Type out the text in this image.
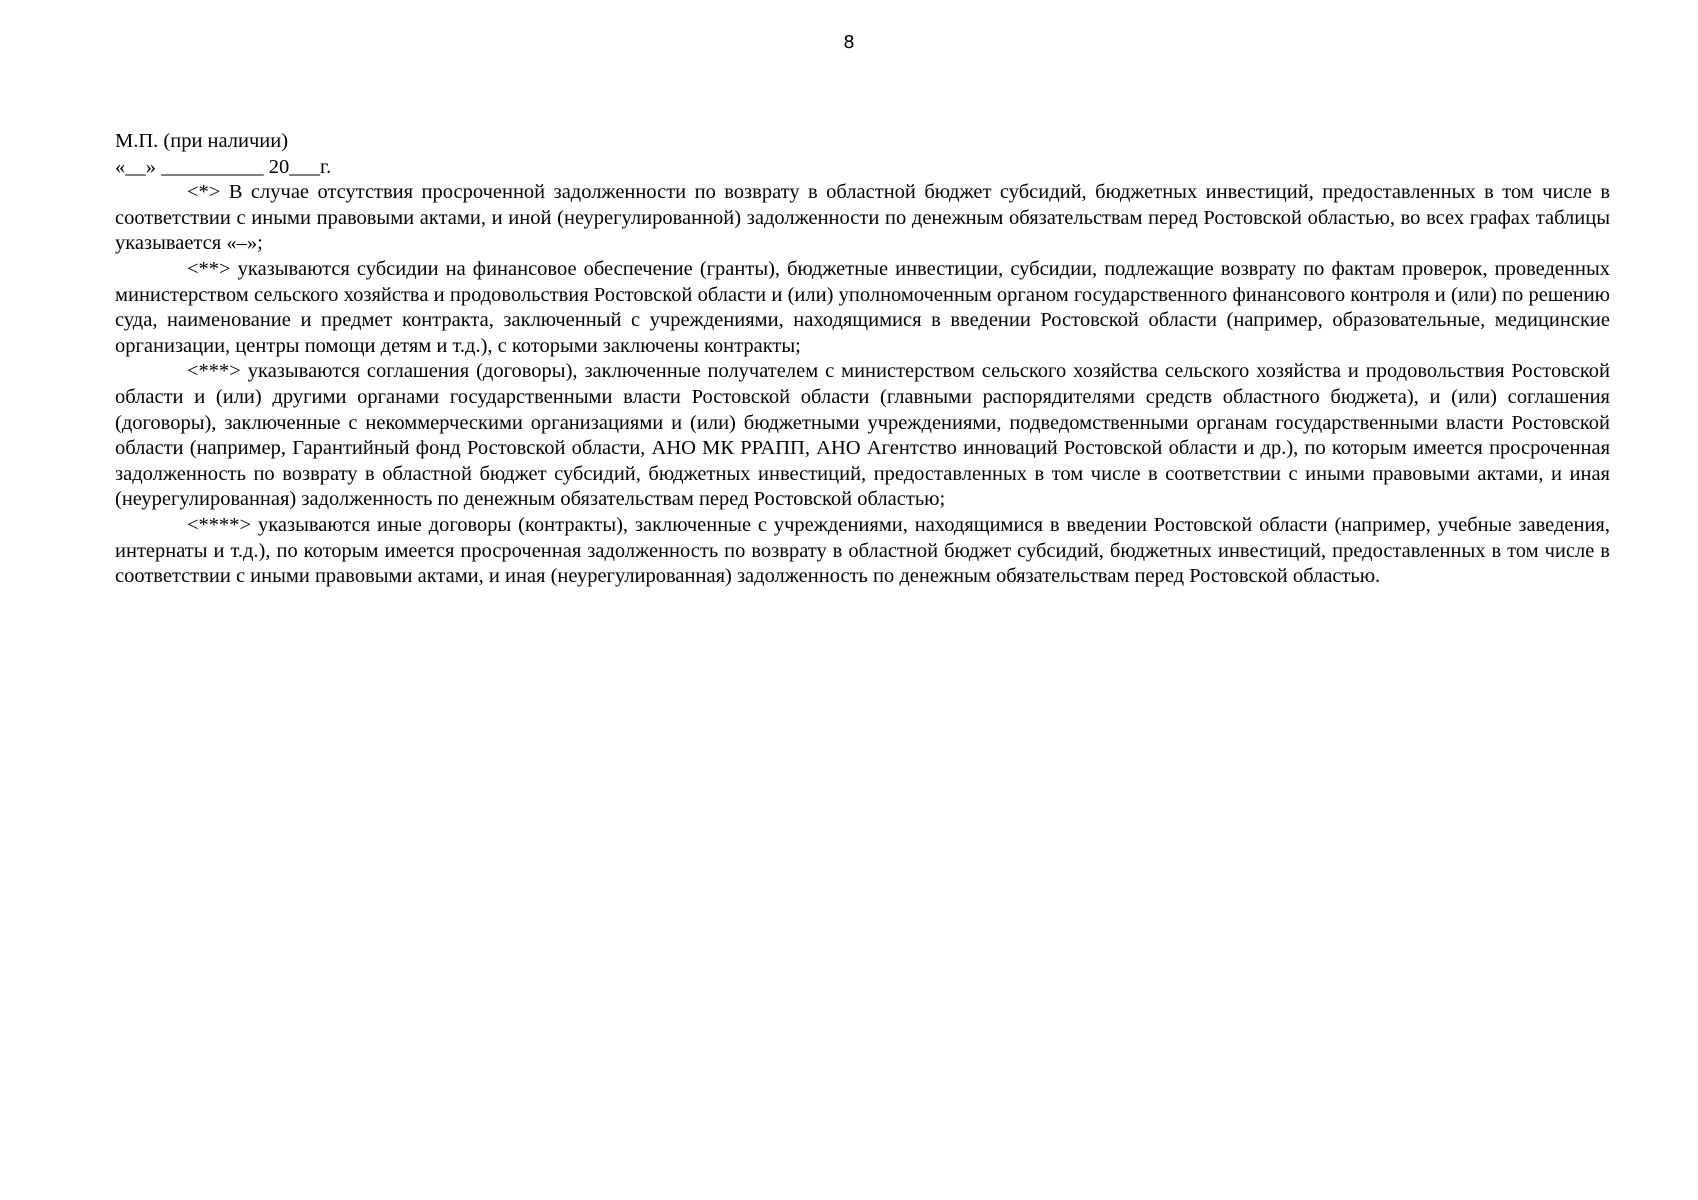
8

М.П. (при наличии)

«__» __________ 20___г.

<*> В случае отсутствия просроченной задолженности по возврату в областной бюджет субсидий, бюджетных инвестиций, предоставленных в том числе в соответствии с иными правовыми актами, и иной (неурегулированной) задолженности по денежным обязательствам перед Ростовской областью, во всех графах таблицы указывается «–»;

<**> указываются субсидии на финансовое обеспечение (гранты), бюджетные инвестиции, субсидии, подлежащие возврату по фактам проверок, проведенных министерством сельского хозяйства и продовольствия Ростовской области и (или) уполномоченным органом государственного финансового контроля и (или) по решению суда, наименование и предмет контракта, заключенный с учреждениями, находящимися в введении Ростовской области (например, образовательные, медицинские организации, центры помощи детям и т.д.), с которыми заключены контракты;

<***> указываются соглашения (договоры), заключенные получателем с министерством сельского хозяйства сельского хозяйства и продовольствия Ростовской области и (или) другими органами государственными власти Ростовской области (главными распорядителями средств областного бюджета), и (или) соглашения (договоры), заключенные с некоммерческими организациями и (или) бюджетными учреждениями, подведомственными органам государственными власти Ростовской области (например, Гарантийный фонд Ростовской области, АНО МК РРАПП, АНО Агентство инноваций Ростовской области и др.), по которым имеется просроченная задолженность по возврату в областной бюджет субсидий, бюджетных инвестиций, предоставленных в том числе в соответствии с иными правовыми актами, и иная (неурегулированная) задолженность по денежным обязательствам перед Ростовской областью;

<****> указываются иные договоры (контракты), заключенные с учреждениями, находящимися в введении Ростовской области (например, учебные заведения, интернаты и т.д.), по которым имеется просроченная задолженность по возврату в областной бюджет субсидий, бюджетных инвестиций, предоставленных в том числе в соответствии с иными правовыми актами, и иная (неурегулированная) задолженность по денежным обязательствам перед Ростовской областью.
